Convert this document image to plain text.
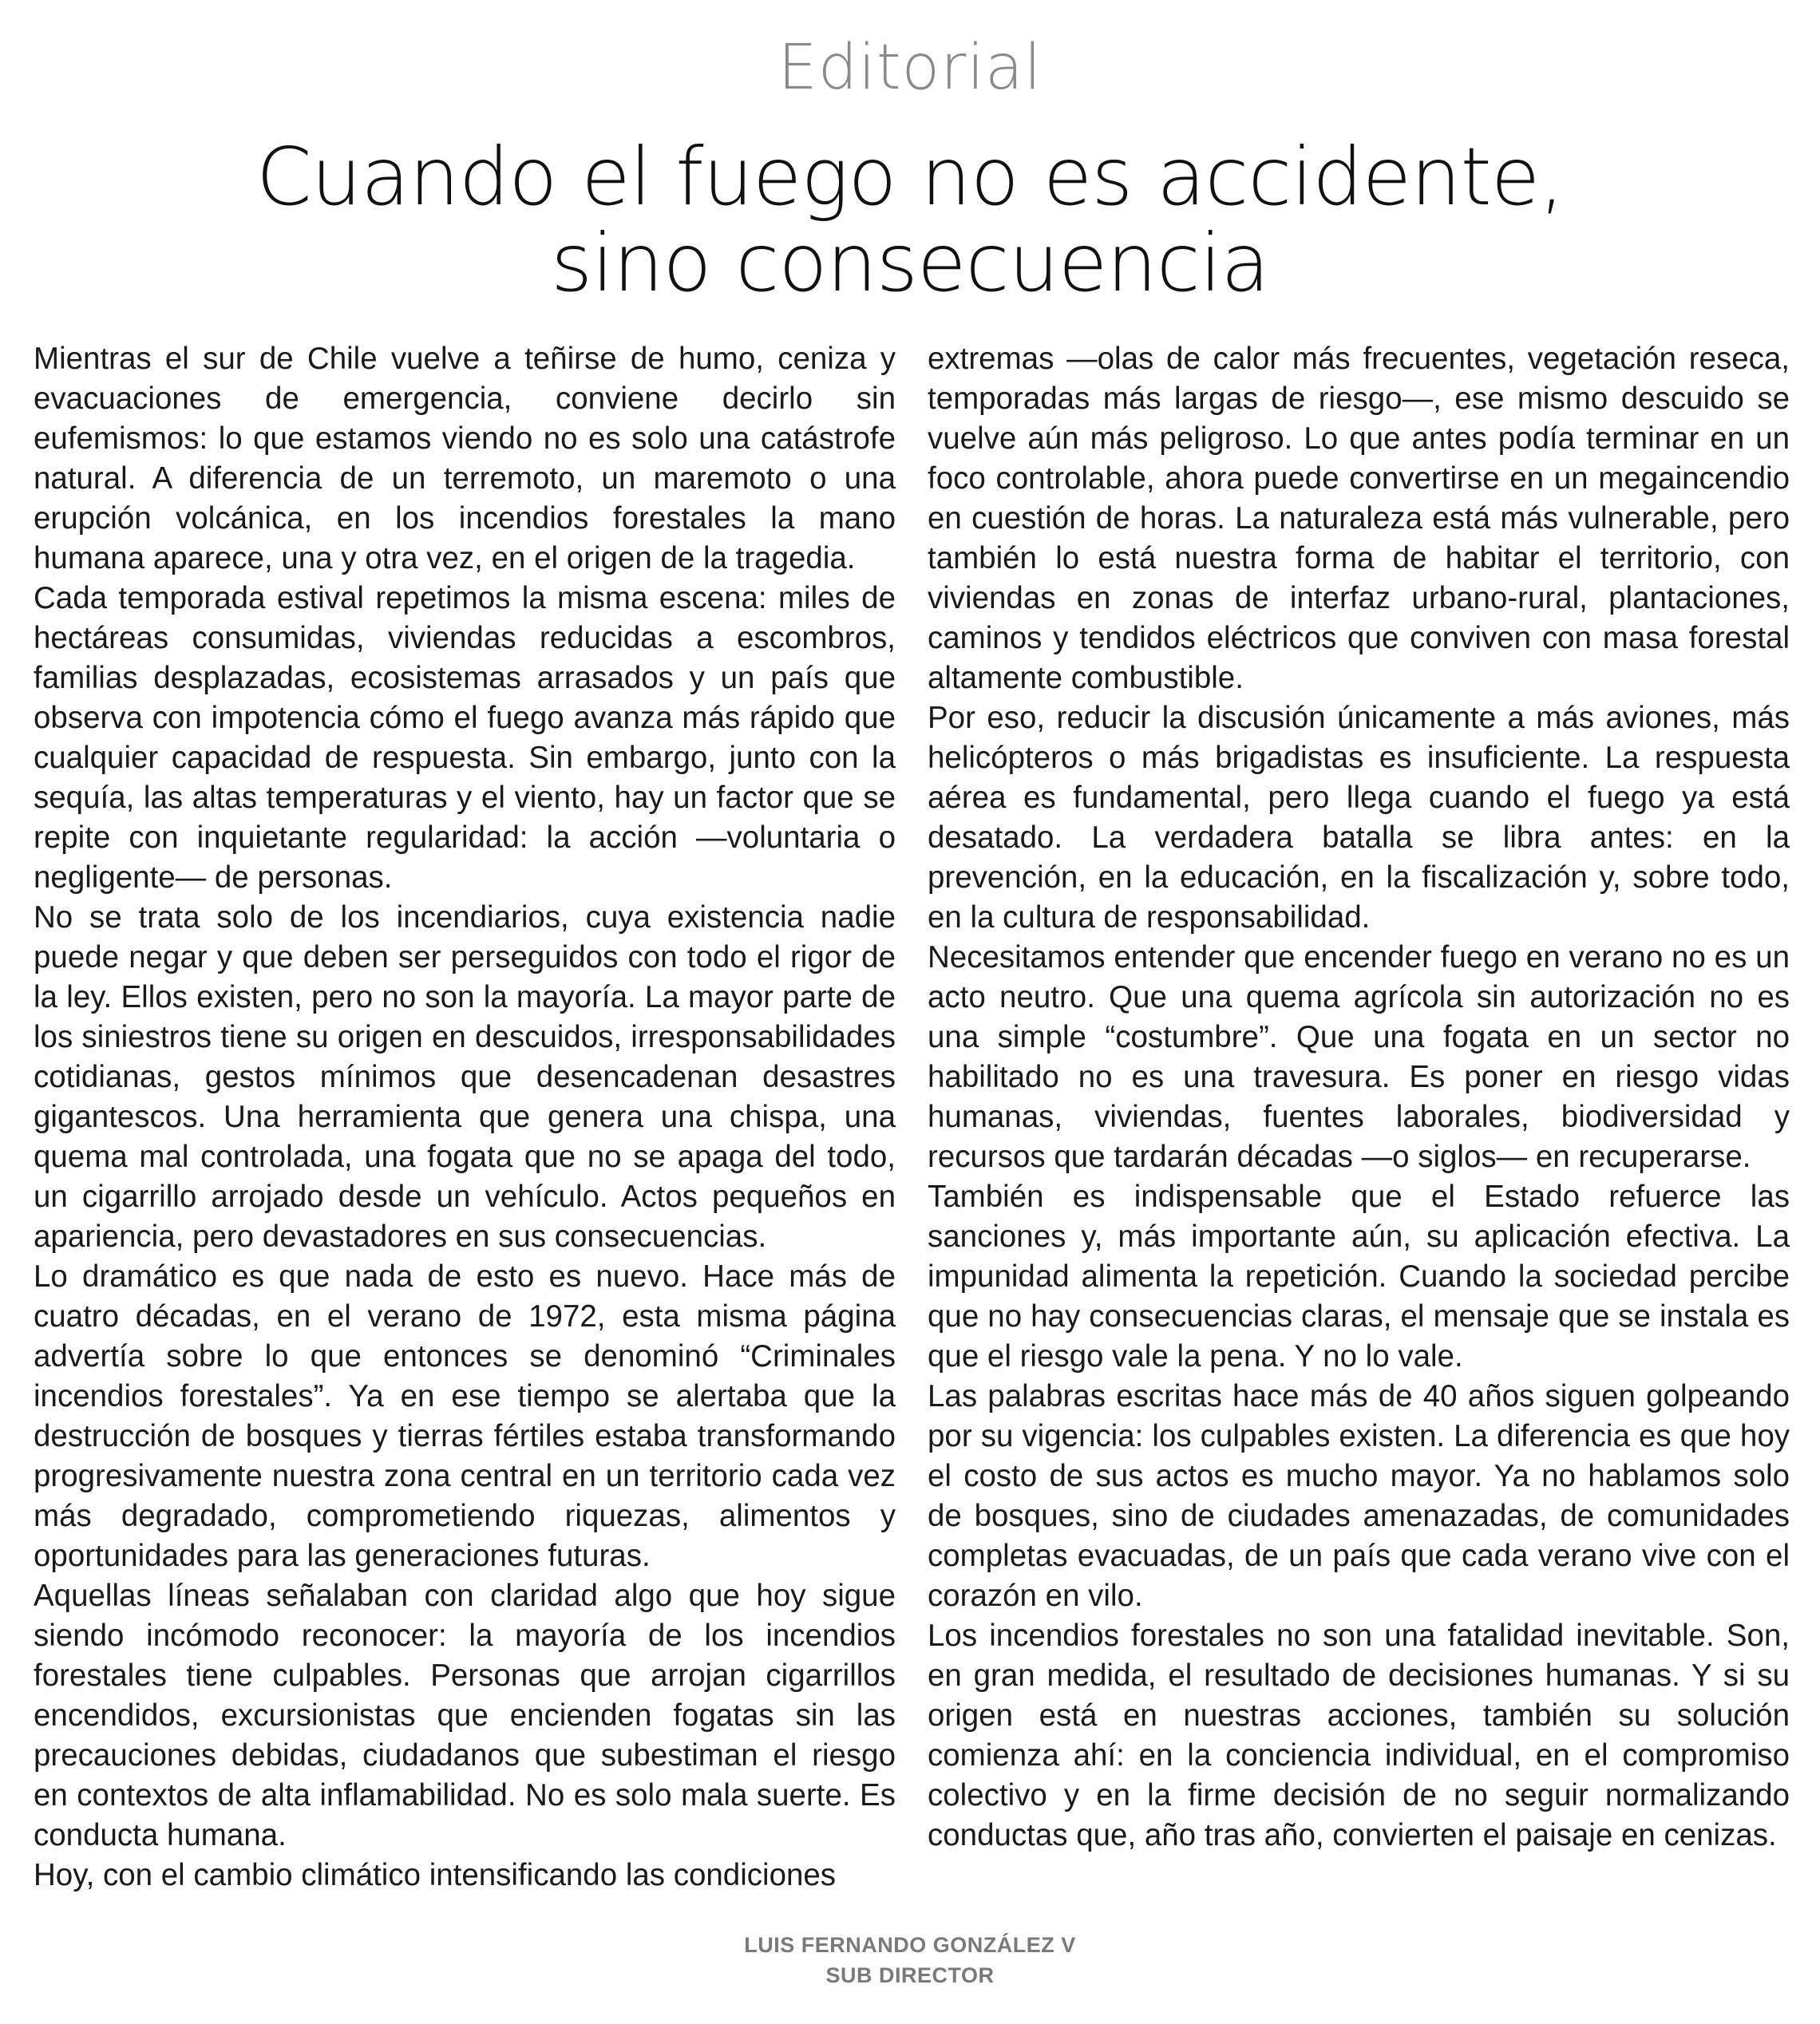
Editorial
Cuando el fuego no es accidente,
sino consecuencia

Mientras el sur de Chile vuelve a teñirse de humo, ceniza y evacuaciones de emergencia, conviene decirlo sin eufemismos: lo que estamos viendo no es solo una catástrofe natural. A diferencia de un terremoto, un maremoto o una erupción volcánica, en los incendios forestales la mano humana aparece, una y otra vez, en el origen de la tragedia.

Cada temporada estival repetimos la misma escena: miles de hectáreas consumidas, viviendas reducidas a escombros, familias desplazadas, ecosistemas arrasados y un país que observa con impotencia cómo el fuego avanza más rápido que cualquier capacidad de respuesta. Sin embargo, junto con la sequía, las altas temperaturas y el viento, hay un factor que se repite con inquietante regularidad: la acción —voluntaria o negligente— de personas.

No se trata solo de los incendiarios, cuya existencia nadie puede negar y que deben ser perseguidos con todo el rigor de la ley. Ellos existen, pero no son la mayoría. La mayor parte de los siniestros tiene su origen en descuidos, irresponsabilidades cotidianas, gestos mínimos que desencadenan desastres gigantescos. Una herramienta que genera una chispa, una quema mal controlada, una fogata que no se apaga del todo, un cigarrillo arrojado desde un vehículo. Actos pequeños en apariencia, pero devastadores en sus consecuencias.

Lo dramático es que nada de esto es nuevo. Hace más de cuatro décadas, en el verano de 1972, esta misma página advertía sobre lo que entonces se denominó “Criminales incendios forestales”. Ya en ese tiempo se alertaba que la destrucción de bosques y tierras fértiles estaba transformando progresivamente nuestra zona central en un territorio cada vez más degradado, comprometiendo riquezas, alimentos y oportunidades para las generaciones futuras.

Aquellas líneas señalaban con claridad algo que hoy sigue siendo incómodo reconocer: la mayoría de los incendios forestales tiene culpables. Personas que arrojan cigarrillos encendidos, excursionistas que encienden fogatas sin las precauciones debidas, ciudadanos que subestiman el riesgo en contextos de alta inflamabilidad. No es solo mala suerte. Es conducta humana.

Hoy, con el cambio climático intensificando las condiciones

extremas —olas de calor más frecuentes, vegetación reseca, temporadas más largas de riesgo—, ese mismo descuido se vuelve aún más peligroso. Lo que antes podía terminar en un foco controlable, ahora puede convertirse en un megaincendio en cuestión de horas. La naturaleza está más vulnerable, pero también lo está nuestra forma de habitar el territorio, con viviendas en zonas de interfaz urbano-rural, plantaciones, caminos y tendidos eléctricos que conviven con masa forestal altamente combustible.

Por eso, reducir la discusión únicamente a más aviones, más helicópteros o más brigadistas es insuficiente. La respuesta aérea es fundamental, pero llega cuando el fuego ya está desatado. La verdadera batalla se libra antes: en la prevención, en la educación, en la fiscalización y, sobre todo, en la cultura de responsabilidad.

Necesitamos entender que encender fuego en verano no es un acto neutro. Que una quema agrícola sin autorización no es una simple “costumbre”. Que una fogata en un sector no habilitado no es una travesura. Es poner en riesgo vidas humanas, viviendas, fuentes laborales, biodiversidad y recursos que tardarán décadas —o siglos— en recuperarse.

También es indispensable que el Estado refuerce las sanciones y, más importante aún, su aplicación efectiva. La impunidad alimenta la repetición. Cuando la sociedad percibe que no hay consecuencias claras, el mensaje que se instala es que el riesgo vale la pena. Y no lo vale.

Las palabras escritas hace más de 40 años siguen golpeando por su vigencia: los culpables existen. La diferencia es que hoy el costo de sus actos es mucho mayor. Ya no hablamos solo de bosques, sino de ciudades amenazadas, de comunidades completas evacuadas, de un país que cada verano vive con el corazón en vilo.

Los incendios forestales no son una fatalidad inevitable. Son, en gran medida, el resultado de decisiones humanas. Y si su origen está en nuestras acciones, también su solución comienza ahí: en la conciencia individual, en el compromiso colectivo y en la firme decisión de no seguir normalizando conductas que, año tras año, convierten el paisaje en cenizas.

LUIS FERNANDO GONZÁLEZ V
SUB DIRECTOR
